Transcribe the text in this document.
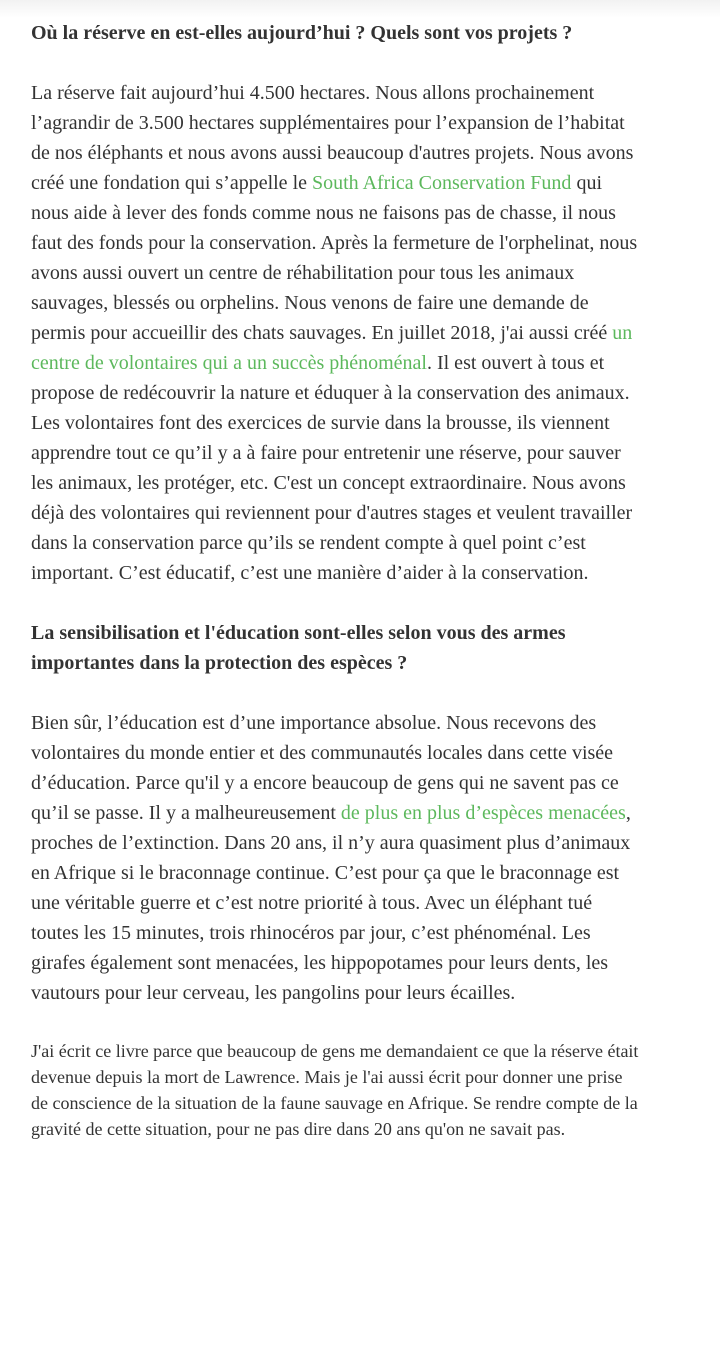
Où la réserve en est-elles aujourd’hui ? Quels sont vos projets ?

La réserve fait aujourd’hui 4.500 hectares. Nous allons prochainement l’agrandir de 3.500 hectares supplémentaires pour l’expansion de l’habitat de nos éléphants et nous avons aussi beaucoup d'autres projets. Nous avons créé une fondation qui s’appelle le South Africa Conservation Fund qui nous aide à lever des fonds comme nous ne faisons pas de chasse, il nous faut des fonds pour la conservation. Après la fermeture de l'orphelinat, nous avons aussi ouvert un centre de réhabilitation pour tous les animaux sauvages, blessés ou orphelins. Nous venons de faire une demande de permis pour accueillir des chats sauvages. En juillet 2018, j'ai aussi créé un centre de volontaires qui a un succès phénoménal. Il est ouvert à tous et propose de redécouvrir la nature et éduquer à la conservation des animaux. Les volontaires font des exercices de survie dans la brousse, ils viennent apprendre tout ce qu’il y a à faire pour entretenir une réserve, pour sauver les animaux, les protéger, etc. C'est un concept extraordinaire. Nous avons déjà des volontaires qui reviennent pour d'autres stages et veulent travailler dans la conservation parce qu’ils se rendent compte à quel point c’est important. C’est éducatif, c’est une manière d’aider à la conservation.

La sensibilisation et l'éducation sont-elles selon vous des armes importantes dans la protection des espèces ?

Bien sûr, l’éducation est d’une importance absolue. Nous recevons des volontaires du monde entier et des communautés locales dans cette visée d’éducation. Parce qu'il y a encore beaucoup de gens qui ne savent pas ce qu’il se passe. Il y a malheureusement de plus en plus d’espèces menacées, proches de l’extinction. Dans 20 ans, il n’y aura quasiment plus d’animaux en Afrique si le braconnage continue. C’est pour ça que le braconnage est une véritable guerre et c’est notre priorité à tous. Avec un éléphant tué toutes les 15 minutes, trois rhinocéros par jour, c’est phénoménal. Les girafes également sont menacées, les hippopotames pour leurs dents, les vautours pour leur cerveau, les pangolins pour leurs écailles.

J'ai écrit ce livre parce que beaucoup de gens me demandaient ce que la réserve était devenue depuis la mort de Lawrence. Mais je l'ai aussi écrit pour donner une prise de conscience de la situation de la faune sauvage en Afrique. Se rendre compte de la gravité de cette situation, pour ne pas dire dans 20 ans qu'on ne savait pas.
